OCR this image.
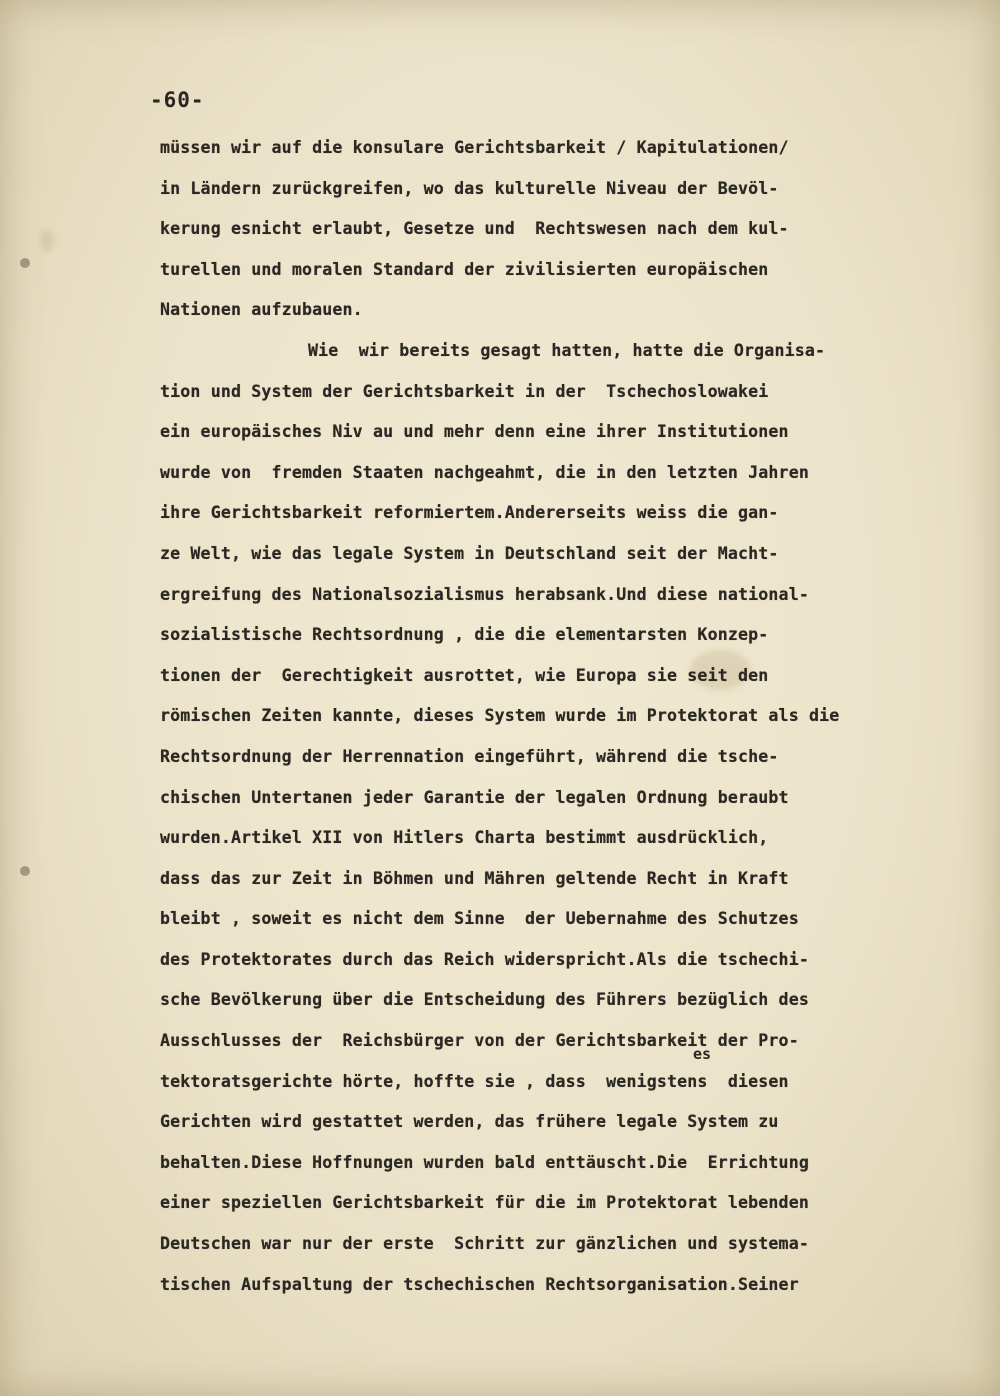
-60-
müssen wir auf die konsulare Gerichtsbarkeit / Kapitulationen/
in Ländern zurückgreifen, wo das kulturelle Niveau der Bevöl-
kerung esnicht erlaubt, Gesetze und  Rechtswesen nach dem kul-
turellen und moralen Standard der zivilisierten europäischen
Nationen aufzubauen.
Wie  wir bereits gesagt hatten, hatte die Organisa-
tion und System der Gerichtsbarkeit in der  Tschechoslowakei
ein europäisches Niv au und mehr denn eine ihrer Institutionen
wurde von  fremden Staaten nachgeahmt, die in den letzten Jahren
ihre Gerichtsbarkeit reformiertem.Andererseits weiss die gan-
ze Welt, wie das legale System in Deutschland seit der Macht-
ergreifung des Nationalsozialismus herabsank.Und diese national-
sozialistische Rechtsordnung , die die elementarsten Konzep-
tionen der  Gerechtigkeit ausrottet, wie Europa sie seit den
römischen Zeiten kannte, dieses System wurde im Protektorat als die
Rechtsordnung der Herrennation eingeführt, während die tsche-
chischen Untertanen jeder Garantie der legalen Ordnung beraubt
wurden.Artikel XII von Hitlers Charta bestimmt ausdrücklich,
dass das zur Zeit in Böhmen und Mähren geltende Recht in Kraft
bleibt , soweit es nicht dem Sinne  der Uebernahme des Schutzes
des Protektorates durch das Reich widerspricht.Als die tschechi-
sche Bevölkerung über die Entscheidung des Führers bezüglich des
Ausschlusses der  Reichsbürger von der Gerichtsbarkeit der Pro-
tektoratsgerichte hörte, hoffte sie , dass  wenigstens  diesen
Gerichten wird gestattet werden, das frühere legale System zu
behalten.Diese Hoffnungen wurden bald enttäuscht.Die  Errichtung
einer speziellen Gerichtsbarkeit für die im Protektorat lebenden
Deutschen war nur der erste  Schritt zur gänzlichen und systema-
tischen Aufspaltung der tschechischen Rechtsorganisation.Seiner
es
